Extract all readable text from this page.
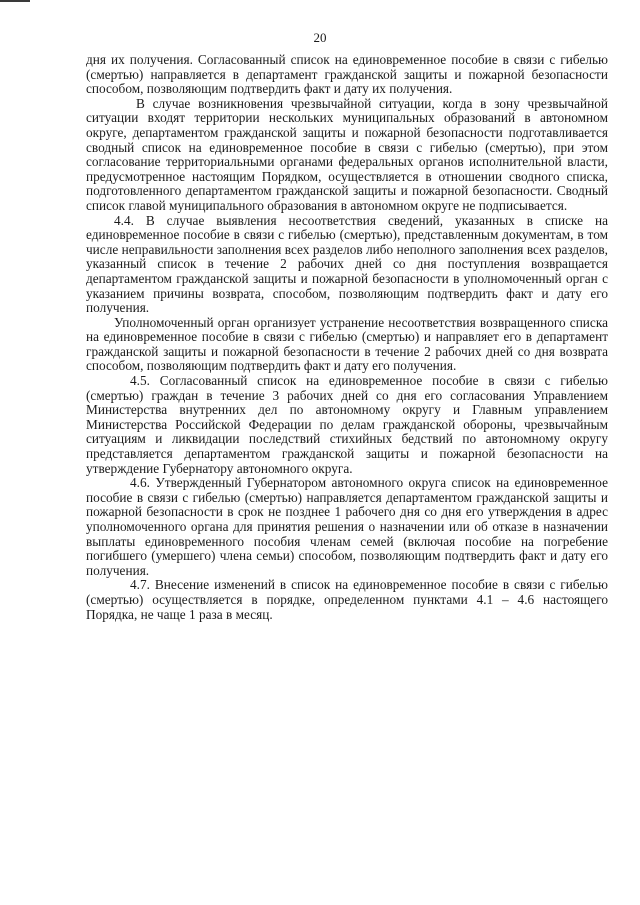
20

дня их получения. Согласованный список на единовременное пособие в связи с гибелью (смертью) направляется в департамент гражданской защиты и пожарной безопасности способом, позволяющим подтвердить факт и дату их получения.

В случае возникновения чрезвычайной ситуации, когда в зону чрезвычайной ситуации входят территории нескольких муниципальных образований в автономном округе, департаментом гражданской защиты и пожарной безопасности подготавливается сводный список на единовременное пособие в связи с гибелью (смертью), при этом согласование территориальными органами федеральных органов исполнительной власти, предусмотренное настоящим Порядком, осуществляется в отношении сводного списка, подготовленного департаментом гражданской защиты и пожарной безопасности. Сводный список главой муниципального образования в автономном округе не подписывается.

4.4. В случае выявления несоответствия сведений, указанных в списке на единовременное пособие в связи с гибелью (смертью), представленным документам, в том числе неправильности заполнения всех разделов либо неполного заполнения всех разделов, указанный список в течение 2 рабочих дней со дня поступления возвращается департаментом гражданской защиты и пожарной безопасности в уполномоченный орган с указанием причины возврата, способом, позволяющим подтвердить факт и дату его получения.

Уполномоченный орган организует устранение несоответствия возвращенного списка на единовременное пособие в связи с гибелью (смертью) и направляет его в департамент гражданской защиты и пожарной безопасности в течение 2 рабочих дней со дня возврата способом, позволяющим подтвердить факт и дату его получения.

4.5. Согласованный список на единовременное пособие в связи с гибелью (смертью) граждан в течение 3 рабочих дней со дня его согласования Управлением Министерства внутренних дел по автономному округу и Главным управлением Министерства Российской Федерации по делам гражданской обороны, чрезвычайным ситуациям и ликвидации последствий стихийных бедствий по автономному округу представляется департаментом гражданской защиты и пожарной безопасности на утверждение Губернатору автономного округа.

4.6. Утвержденный Губернатором автономного округа список на единовременное пособие в связи с гибелью (смертью) направляется департаментом гражданской защиты и пожарной безопасности в срок не позднее 1 рабочего дня со дня его утверждения в адрес уполномоченного органа для принятия решения о назначении или об отказе в назначении выплаты единовременного пособия членам семей (включая пособие на погребение погибшего (умершего) члена семьи) способом, позволяющим подтвердить факт и дату его получения.

4.7. Внесение изменений в список на единовременное пособие в связи с гибелью (смертью) осуществляется в порядке, определенном пунктами 4.1 – 4.6 настоящего Порядка, не чаще 1 раза в месяц.
